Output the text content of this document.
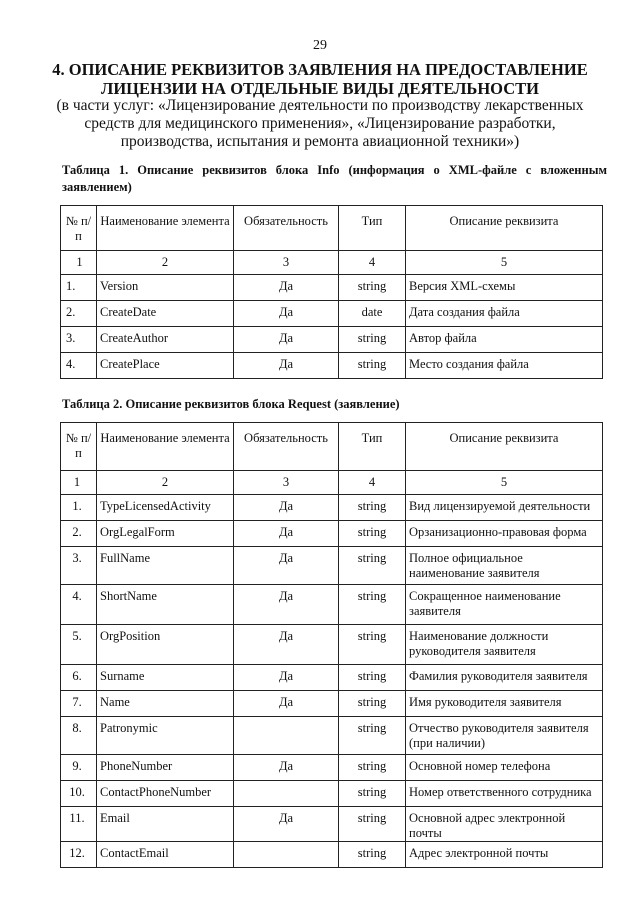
29
4. ОПИСАНИЕ РЕКВИЗИТОВ ЗАЯВЛЕНИЯ НА ПРЕДОСТАВЛЕНИЕ
ЛИЦЕНЗИИ НА ОТДЕЛЬНЫЕ ВИДЫ ДЕЯТЕЛЬНОСТИ
(в части услуг: «Лицензирование деятельности по производству лекарственных
средств для медицинского применения», «Лицензирование разработки,
производства, испытания и ремонта авиационной техники»)
Таблица 1. Описание реквизитов блока Info (информация о XML-файле с вложенным заявлением)
№ п/п	Наименование элемента	Обязательность	Тип	Описание реквизита
1	2	3	4	5
1.	Version	Да	string	Версия XML-схемы
2.	CreateDate	Да	date	Дата создания файла
3.	CreateAuthor	Да	string	Автор файла
4.	CreatePlace	Да	string	Место создания файла
Таблица 2. Описание реквизитов блока Request (заявление)
№ п/п	Наименование элемента	Обязательность	Тип	Описание реквизита
1	2	3	4	5
1.	TypeLicensedActivity	Да	string	Вид лицензируемой деятельности
2.	OrgLegalForm	Да	string	Орзанизационно-правовая форма
3.	FullName	Да	string	Полное официальное наименование заявителя
4.	ShortName	Да	string	Сокращенное наименование заявителя
5.	OrgPosition	Да	string	Наименование должности руководителя заявителя
6.	Surname	Да	string	Фамилия руководителя заявителя
7.	Name	Да	string	Имя руководителя заявителя
8.	Patronymic		string	Отчество руководителя заявителя (при наличии)
9.	PhoneNumber	Да	string	Основной номер телефона
10.	ContactPhoneNumber		string	Номер ответственного сотрудника
11.	Email	Да	string	Основной адрес электронной почты
12.	ContactEmail		string	Адрес электронной почты
